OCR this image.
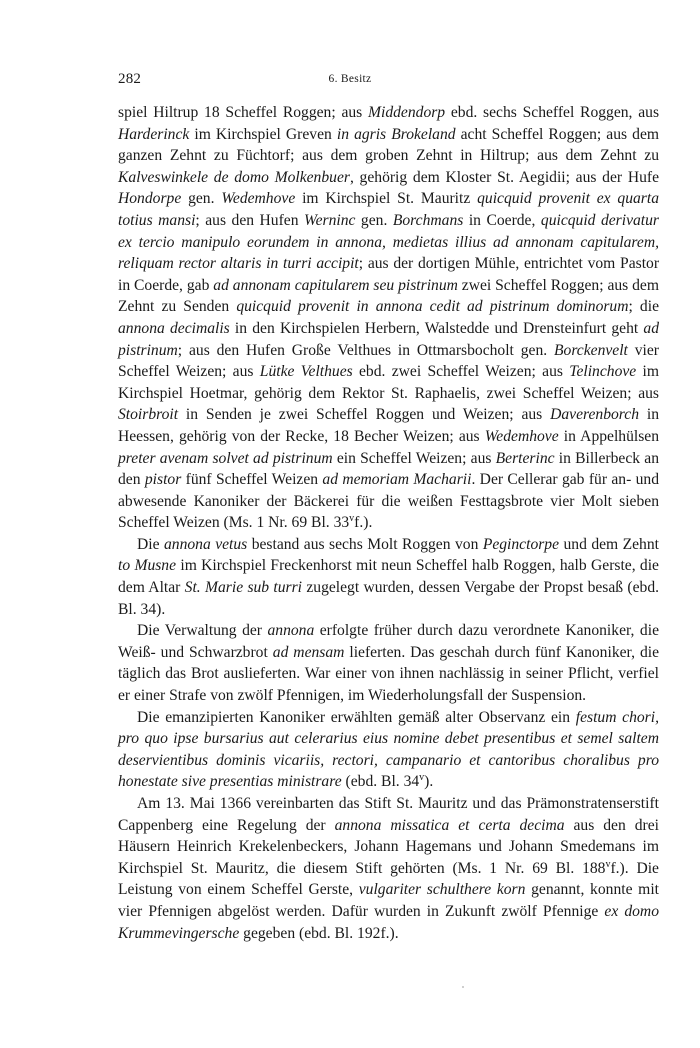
282	6. Besitz

spiel Hiltrup 18 Scheffel Roggen; aus Middendorp ebd. sechs Scheffel Roggen, aus Harderinck im Kirchspiel Greven in agris Brokeland acht Scheffel Roggen; aus dem ganzen Zehnt zu Füchtorf; aus dem groben Zehnt in Hiltrup; aus dem Zehnt zu Kalveswinkele de domo Molkenbuer, gehörig dem Kloster St. Aegidii; aus der Hufe Hondorpe gen. Wedemhove im Kirchspiel St. Mauritz quicquid provenit ex quarta totius mansi; aus den Hufen Werninc gen. Borchmans in Coerde, quicquid derivatur ex tercio manipulo eorundem in annona, medietas illius ad annonam capitularem, reliquam rector altaris in turri accipit; aus der dortigen Mühle, entrichtet vom Pastor in Coerde, gab ad annonam capitularem seu pistrinum zwei Scheffel Roggen; aus dem Zehnt zu Senden quicquid provenit in annona cedit ad pistrinum dominorum; die annona decimalis in den Kirchspielen Herbern, Walstedde und Drensteinfurt geht ad pistrinum; aus den Hufen Große Velthues in Ottmarsbocholt gen. Borckenvelt vier Scheffel Weizen; aus Lütke Velthues ebd. zwei Scheffel Weizen; aus Telinchove im Kirchspiel Hoetmar, gehörig dem Rektor St. Raphaelis, zwei Scheffel Weizen; aus Stoirbroit in Senden je zwei Scheffel Roggen und Weizen; aus Daverenborch in Heessen, gehörig von der Recke, 18 Becher Weizen; aus Wedemhove in Appelhülsen preter avenam solvet ad pistrinum ein Scheffel Weizen; aus Berterinc in Billerbeck an den pistor fünf Scheffel Weizen ad memoriam Macharii. Der Cellerar gab für an- und abwesende Kanoniker der Bäckerei für die weißen Festtagsbrote vier Molt sieben Scheffel Weizen (Ms. 1 Nr. 69 Bl. 33$^v$f.).

Die annona vetus bestand aus sechs Molt Roggen von Peginctorpe und dem Zehnt to Musne im Kirchspiel Freckenhorst mit neun Scheffel halb Roggen, halb Gerste, die dem Altar St. Marie sub turri zugelegt wurden, dessen Vergabe der Propst besaß (ebd. Bl. 34).

Die Verwaltung der annona erfolgte früher durch dazu verordnete Kanoniker, die Weiß- und Schwarzbrot ad mensam lieferten. Das geschah durch fünf Kanoniker, die täglich das Brot auslieferten. War einer von ihnen nachlässig in seiner Pflicht, verfiel er einer Strafe von zwölf Pfennigen, im Wiederholungsfall der Suspension.

Die emanzipierten Kanoniker erwählten gemäß alter Observanz ein festum chori, pro quo ipse bursarius aut celerarius eius nomine debet presentibus et semel saltem deservientibus dominis vicariis, rectori, campanario et cantoribus choralibus pro honestate sive presentias ministrare (ebd. Bl. 34$^v$).

Am 13. Mai 1366 vereinbarten das Stift St. Mauritz und das Prämonstratenserstift Cappenberg eine Regelung der annona missatica et certa decima aus den drei Häusern Heinrich Krekelenbeckers, Johann Hagemans und Johann Smedemans im Kirchspiel St. Mauritz, die diesem Stift gehörten (Ms. 1 Nr. 69 Bl. 188$^v$f.). Die Leistung von einem Scheffel Gerste, vulgariter schulthere korn genannt, konnte mit vier Pfennigen abgelöst werden. Dafür wurden in Zukunft zwölf Pfennige ex domo Krummevingersche gegeben (ebd. Bl. 192f.).
